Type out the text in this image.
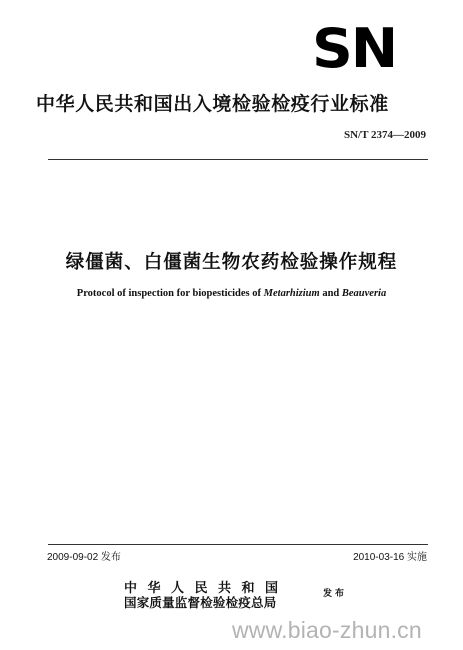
SN
中华人民共和国出入境检验检疫行业标准
SN/T 2374—2009
绿僵菌、白僵菌生物农药检验操作规程
Protocol of inspection for biopesticides of Metarhizium and Beauveria
2009-09-02 发布	2010-03-16 实施
中华人民共和国
国家质量监督检验检疫总局
发布
www.biao-zhun.cn
